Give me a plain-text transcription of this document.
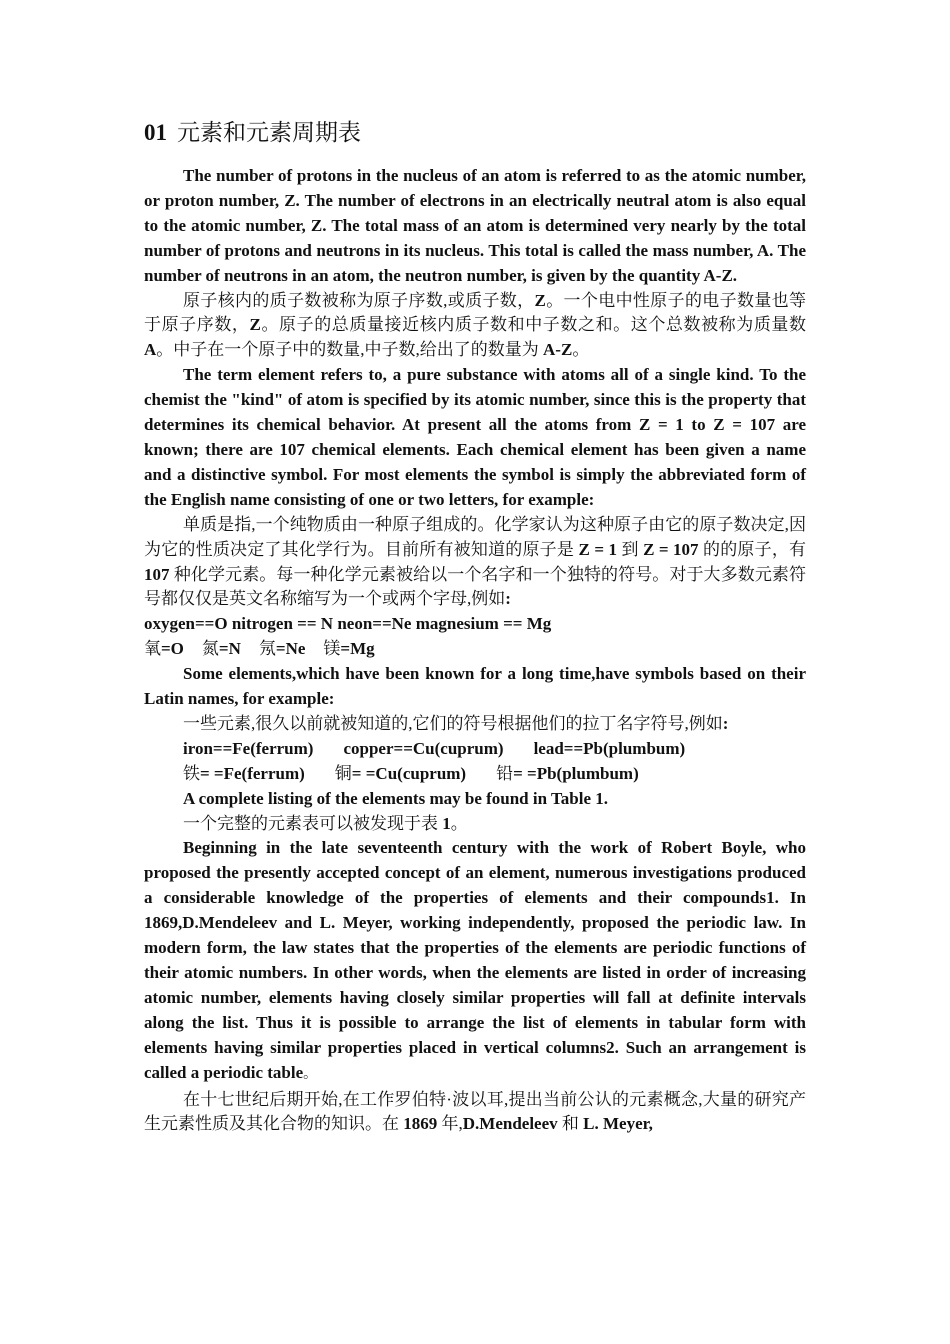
01 元素和元素周期表

The number of protons in the nucleus of an atom is referred to as the atomic number, or proton number, Z. The number of electrons in an electrically neutral atom is also equal to the atomic number, Z. The total mass of an atom is determined very nearly by the total number of protons and neutrons in its nucleus. This total is called the mass number, A. The number of neutrons in an atom, the neutron number, is given by the quantity A-Z.

原子核内的质子数被称为原子序数,或质子数，Z。一个电中性原子的电子数量也等于原子序数，Z。原子的总质量接近核内质子数和中子数之和。这个总数被称为质量数 A。中子在一个原子中的数量,中子数,给出了的数量为 A-Z。

The term element refers to, a pure substance with atoms all of a single kind. To the chemist the "kind" of atom is specified by its atomic number, since this is the property that determines its chemical behavior. At present all the atoms from Z = 1 to Z = 107 are known; there are 107 chemical elements. Each chemical element has been given a name and a distinctive symbol. For most elements the symbol is simply the abbreviated form of the English name consisting of one or two letters, for example:

单质是指,一个纯物质由一种原子组成的。化学家认为这种原子由它的原子数决定,因为它的性质决定了其化学行为。目前所有被知道的原子是 Z = 1 到 Z = 107 的的原子，有 107 种化学元素。每一种化学元素被给以一个名字和一个独特的符号。对于大多数元素符号都仅仅是英文名称缩写为一个或两个字母,例如:

oxygen==O nitrogen == N neon==Ne magnesium == Mg

氧=O 氮=N 氖=Ne 镁=Mg

Some elements,which have been known for a long time,have symbols based on their Latin names, for example:

一些元素,很久以前就被知道的,它们的符号根据他们的拉丁名字符号,例如:

iron==Fe(ferrum) copper==Cu(cuprum) lead==Pb(plumbum)
铁= =Fe(ferrum) 铜= =Cu(cuprum) 铅= =Pb(plumbum)

A complete listing of the elements may be found in Table 1.

一个完整的元素表可以被发现于表 1。

Beginning in the late seventeenth century with the work of Robert Boyle, who proposed the presently accepted concept of an element, numerous investigations produced a considerable knowledge of the properties of elements and their compounds1. In 1869,D.Mendeleev and L. Meyer, working independently, proposed the periodic law. In modern form, the law states that the properties of the elements are periodic functions of their atomic numbers. In other words, when the elements are listed in order of increasing atomic number, elements having closely similar properties will fall at definite intervals along the list. Thus it is possible to arrange the list of elements in tabular form with elements having similar properties placed in vertical columns2. Such an arrangement is called a periodic table。

在十七世纪后期开始,在工作罗伯特·波以耳,提出当前公认的元素概念,大量的研究产生元素性质及其化合物的知识。在 1869 年,D.Mendeleev 和 L. Meyer,
